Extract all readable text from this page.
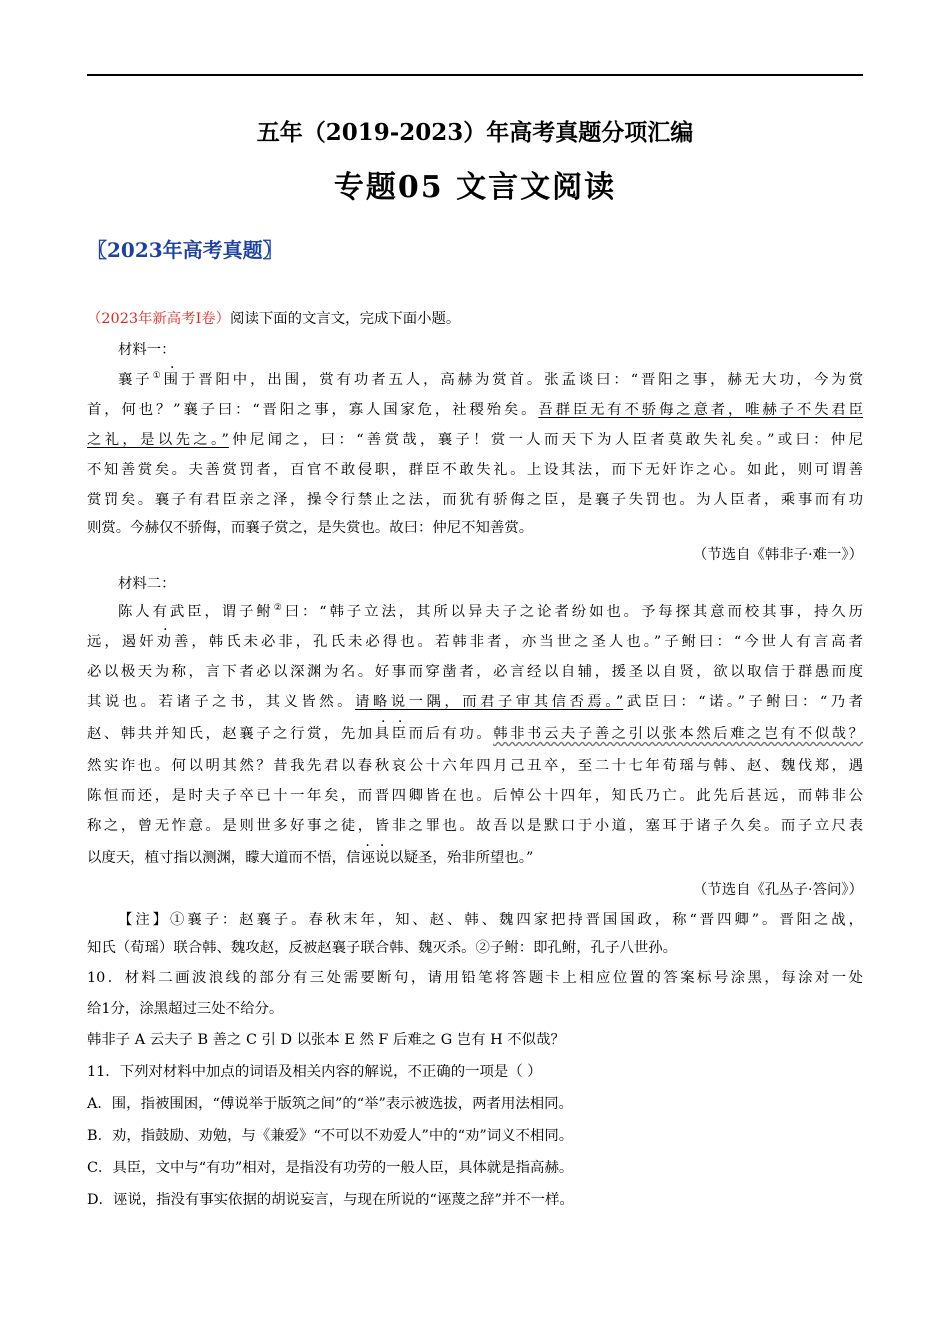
五年（2019-2023）年高考真题分项汇编
专题05 文言文阅读
〖2023年高考真题〗
（2023年新高考Ⅰ卷）阅读下面的文言文，完成下面小题。
材料一：
襄子①围于晋阳中，出围，赏有功者五人，高赫为赏首。张孟谈曰：“晋阳之事，赫无大功，今为赏
首，何也？”襄子曰：“晋阳之事，寡人国家危，社稷殆矣。吾群臣无有不骄侮之意者，唯赫子不失君臣
之礼，是以先之。”仲尼闻之，曰：“善赏哉，襄子！赏一人而天下为人臣者莫敢失礼矣。”或曰：仲尼
不知善赏矣。夫善赏罚者，百官不敢侵职，群臣不敢失礼。上设其法，而下无奸诈之心。如此，则可谓善
赏罚矣。襄子有君臣亲之泽，操令行禁止之法，而犹有骄侮之臣，是襄子失罚也。为人臣者，乘事而有功
则赏。今赫仅不骄侮，而襄子赏之，是失赏也。故曰：仲尼不知善赏。
（节选自《韩非子·难一》）
材料二：
陈人有武臣，谓子鲋②曰：“韩子立法，其所以异夫子之论者纷如也。予每探其意而校其事，持久历
远，遏奸劝善，韩氏未必非，孔氏未必得也。若韩非者，亦当世之圣人也。”子鲋曰：“今世人有言高者
必以极天为称，言下者必以深渊为名。好事而穿凿者，必言经以自辅，援圣以自贤，欲以取信于群愚而度
其说也。若诸子之书，其义皆然。请略说一隅，而君子审其信否焉。”武臣曰：“诺。”子鲋曰：“乃者
赵、韩共并知氏，赵襄子之行赏，先加具臣而后有功。韩非书云夫子善之引以张本然后难之岂有不似哉？
然实诈也。何以明其然？昔我先君以春秋哀公十六年四月己丑卒，至二十七年荀瑶与韩、赵、魏伐郑，遇
陈恒而还，是时夫子卒已十一年矣，而晋四卿皆在也。后悼公十四年，知氏乃亡。此先后甚远，而韩非公
称之，曾无怍意。是则世多好事之徒，皆非之罪也。故吾以是默口于小道，塞耳于诸子久矣。而子立尺表
以度天，植寸指以测渊，矇大道而不悟，信诬说以疑圣，殆非所望也。”
（节选自《孔丛子·答问》）
【注】①襄子：赵襄子。春秋末年，知、赵、韩、魏四家把持晋国国政，称“晋四卿”。晋阳之战，
知氏（荀瑶）联合韩、魏攻赵，反被赵襄子联合韩、魏灭杀。②子鲋：即孔鲋，孔子八世孙。
10．材料二画波浪线的部分有三处需要断句，请用铅笔将答题卡上相应位置的答案标号涂黑，每涂对一处
给1分，涂黑超过三处不给分。
韩非子 A 云夫子 B 善之 C 引 D 以张本 E 然 F 后难之 G 岂有 H 不似哉？
11．下列对材料中加点的词语及相关内容的解说，不正确的一项是（ ）
A．围，指被围困，“傅说举于版筑之间”的“举”表示被选拔，两者用法相同。
B．劝，指鼓励、劝勉，与《兼爱》“不可以不劝爱人”中的“劝”词义不相同。
C．具臣，文中与“有功”相对，是指没有功劳的一般人臣，具体就是指高赫。
D．诬说，指没有事实依据的胡说妄言，与现在所说的“诬蔑之辞”并不一样。
